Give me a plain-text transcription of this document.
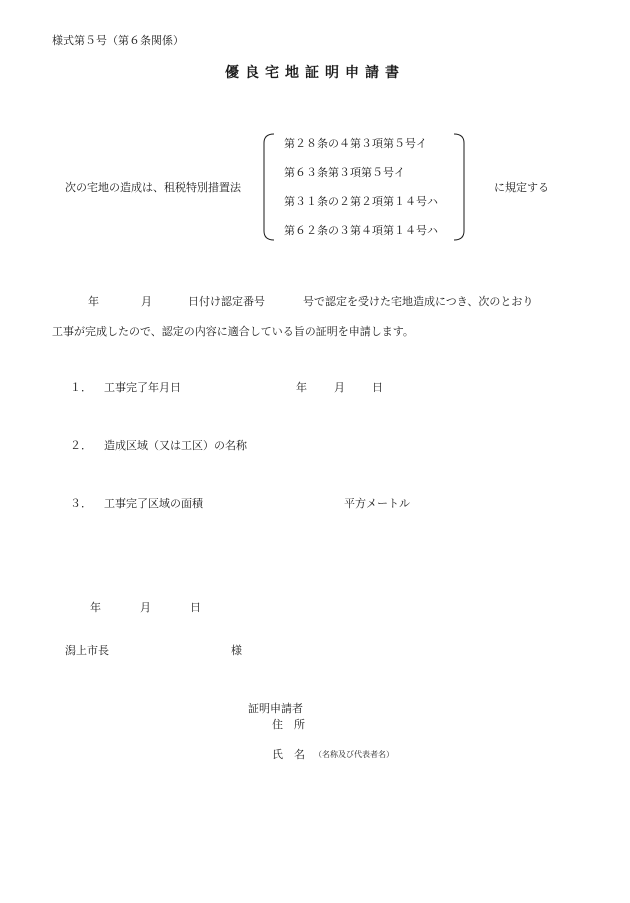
様式第５号（第６条関係）
優良宅地証明申請書
次の宅地の造成は、租税特別措置法
第２８条の４第３項第５号イ
第６３条第３項第５号イ
第３１条の２第２項第１４号ハ
第６２条の３第４項第１４号ハ
に規定する
年	月	日付け認定番号	号で認定を受けた宅地造成につき、次のとおり
工事が完成したので、認定の内容に適合している旨の証明を申請します。
１． 工事完了年月日	年 月 日
２． 造成区域（又は工区）の名称
３． 工事完了区域の面積	平方メートル
年	月	日
潟上市長	様
証明申請者
住　所
氏　名 （名称及び代表者名）
